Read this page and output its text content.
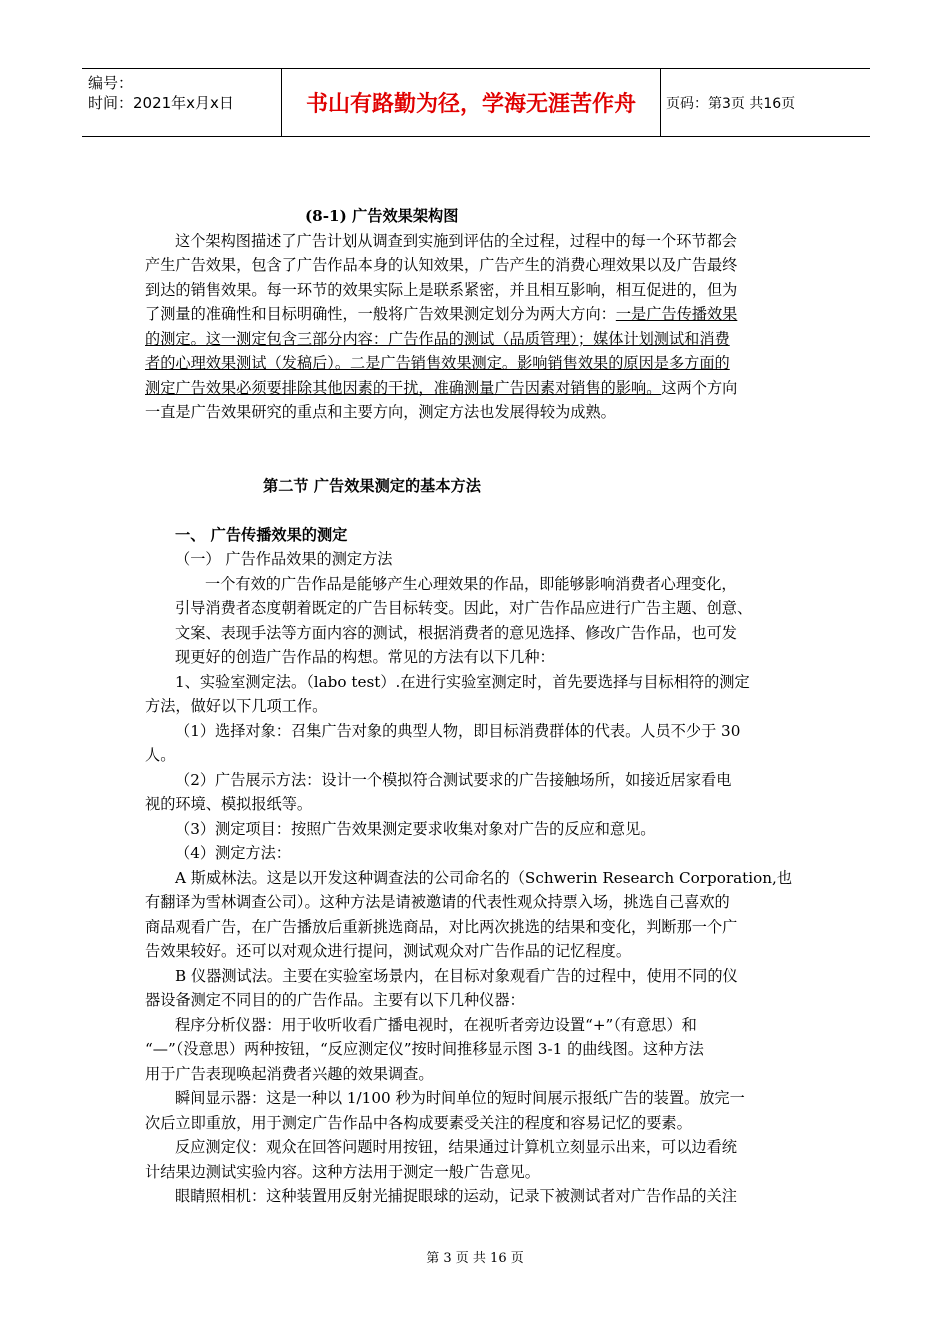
编号：
时间：2021年x月x日	书山有路勤为径，学海无涯苦作舟	页码：第3页 共16页
(8-1) 广告效果架构图
这个架构图描述了广告计划从调查到实施到评估的全过程，过程中的每一个环节都会
产生广告效果，包含了广告作品本身的认知效果，广告产生的消费心理效果以及广告最终
到达的销售效果。每一环节的效果实际上是联系紧密，并且相互影响，相互促进的，但为
了测量的准确性和目标明确性，一般将广告效果测定划分为两大方向：一是广告传播效果
的测定。这一测定包含三部分内容：广告作品的测试（品质管理）；媒体计划测试和消费
者的心理效果测试（发稿后）。二是广告销售效果测定。影响销售效果的原因是多方面的
测定广告效果必须要排除其他因素的干扰，准确测量广告因素对销售的影响。这两个方向
一直是广告效果研究的重点和主要方向，测定方法也发展得较为成熟。
第二节 广告效果测定的基本方法
一、 广告传播效果的测定
（一） 广告作品效果的测定方法
一个有效的广告作品是能够产生心理效果的作品，即能够影响消费者心理变化，
引导消费者态度朝着既定的广告目标转变。因此，对广告作品应进行广告主题、创意、
文案、表现手法等方面内容的测试，根据消费者的意见选择、修改广告作品，也可发
现更好的创造广告作品的构想。常见的方法有以下几种：
1、实验室测定法。（labo test）.在进行实验室测定时，首先要选择与目标相符的测定
方法，做好以下几项工作。
（1）选择对象：召集广告对象的典型人物，即目标消费群体的代表。人员不少于 30
人。
（2）广告展示方法：设计一个模拟符合测试要求的广告接触场所，如接近居家看电
视的环境、模拟报纸等。
（3）测定项目：按照广告效果测定要求收集对象对广告的反应和意见。
（4）测定方法：
A 斯威林法。这是以开发这种调查法的公司命名的（Schwerin Research Corporation,也
有翻译为雪林调查公司）。这种方法是请被邀请的代表性观众持票入场，挑选自己喜欢的
商品观看广告，在广告播放后重新挑选商品，对比两次挑选的结果和变化，判断那一个广
告效果较好。还可以对观众进行提问，测试观众对广告作品的记忆程度。
B 仪器测试法。主要在实验室场景内，在目标对象观看广告的过程中，使用不同的仪
器设备测定不同目的的广告作品。主要有以下几种仪器：
程序分析仪器：用于收听收看广播电视时，在视听者旁边设置“+”（有意思）和
“—”（没意思）两种按钮，“反应测定仪”按时间推移显示图 3-1 的曲线图。这种方法
用于广告表现唤起消费者兴趣的效果调查。
瞬间显示器：这是一种以 1/100 秒为时间单位的短时间展示报纸广告的装置。放完一
次后立即重放，用于测定广告作品中各构成要素受关注的程度和容易记忆的要素。
反应测定仪：观众在回答问题时用按钮，结果通过计算机立刻显示出来，可以边看统
计结果边测试实验内容。这种方法用于测定一般广告意见。
眼睛照相机：这种装置用反射光捕捉眼球的运动，记录下被测试者对广告作品的关注
第 3 页 共 16 页
